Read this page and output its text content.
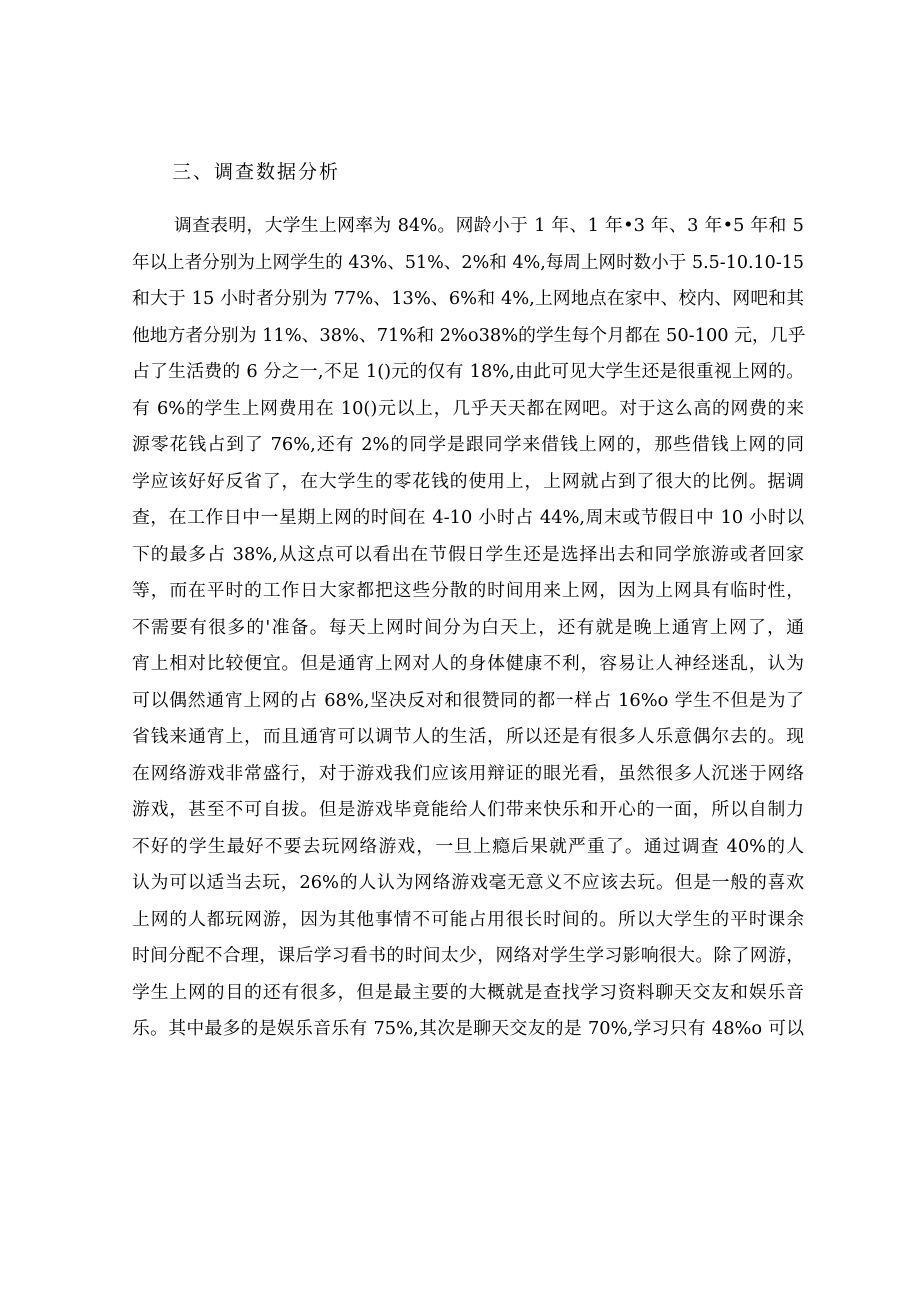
三、调查数据分析
调查表明，大学生上网率为 84%。网龄小于 1 年、1 年•3 年、3 年•5 年和 5
年以上者分别为上网学生的 43%、51%、2%和 4%,每周上网时数小于 5.5-10.10-15
和大于 15 小时者分别为 77%、13%、6%和 4%,上网地点在家中、校内、网吧和其
他地方者分别为 11%、38%、71%和 2%o38%的学生每个月都在 50-100 元，几乎
占了生活费的 6 分之一,不足 1()元的仅有 18%,由此可见大学生还是很重视上网的。
有 6%的学生上网费用在 10()元以上，几乎天天都在网吧。对于这么高的网费的来
源零花钱占到了 76%,还有 2%的同学是跟同学来借钱上网的，那些借钱上网的同
学应该好好反省了，在大学生的零花钱的使用上，上网就占到了很大的比例。据调
查，在工作日中一星期上网的时间在 4-10 小时占 44%,周末或节假日中 10 小时以
下的最多占 38%,从这点可以看出在节假日学生还是选择出去和同学旅游或者回家
等，而在平时的工作日大家都把这些分散的时间用来上网，因为上网具有临时性，
不需要有很多的'准备。每天上网时间分为白天上，还有就是晚上通宵上网了，通
宵上相对比较便宜。但是通宵上网对人的身体健康不利，容易让人神经迷乱，认为
可以偶然通宵上网的占 68%,坚决反对和很赞同的都一样占 16%o 学生不但是为了
省钱来通宵上，而且通宵可以调节人的生活，所以还是有很多人乐意偶尔去的。现
在网络游戏非常盛行，对于游戏我们应该用辩证的眼光看，虽然很多人沉迷于网络
游戏，甚至不可自拔。但是游戏毕竟能给人们带来快乐和开心的一面，所以自制力
不好的学生最好不要去玩网络游戏，一旦上瘾后果就严重了。通过调查 40%的人
认为可以适当去玩，26%的人认为网络游戏毫无意义不应该去玩。但是一般的喜欢
上网的人都玩网游，因为其他事情不可能占用很长时间的。所以大学生的平时课余
时间分配不合理，课后学习看书的时间太少，网络对学生学习影响很大。除了网游，
学生上网的目的还有很多，但是最主要的大概就是查找学习资料聊天交友和娱乐音
乐。其中最多的是娱乐音乐有 75%,其次是聊天交友的是 70%,学习只有 48%o 可以
